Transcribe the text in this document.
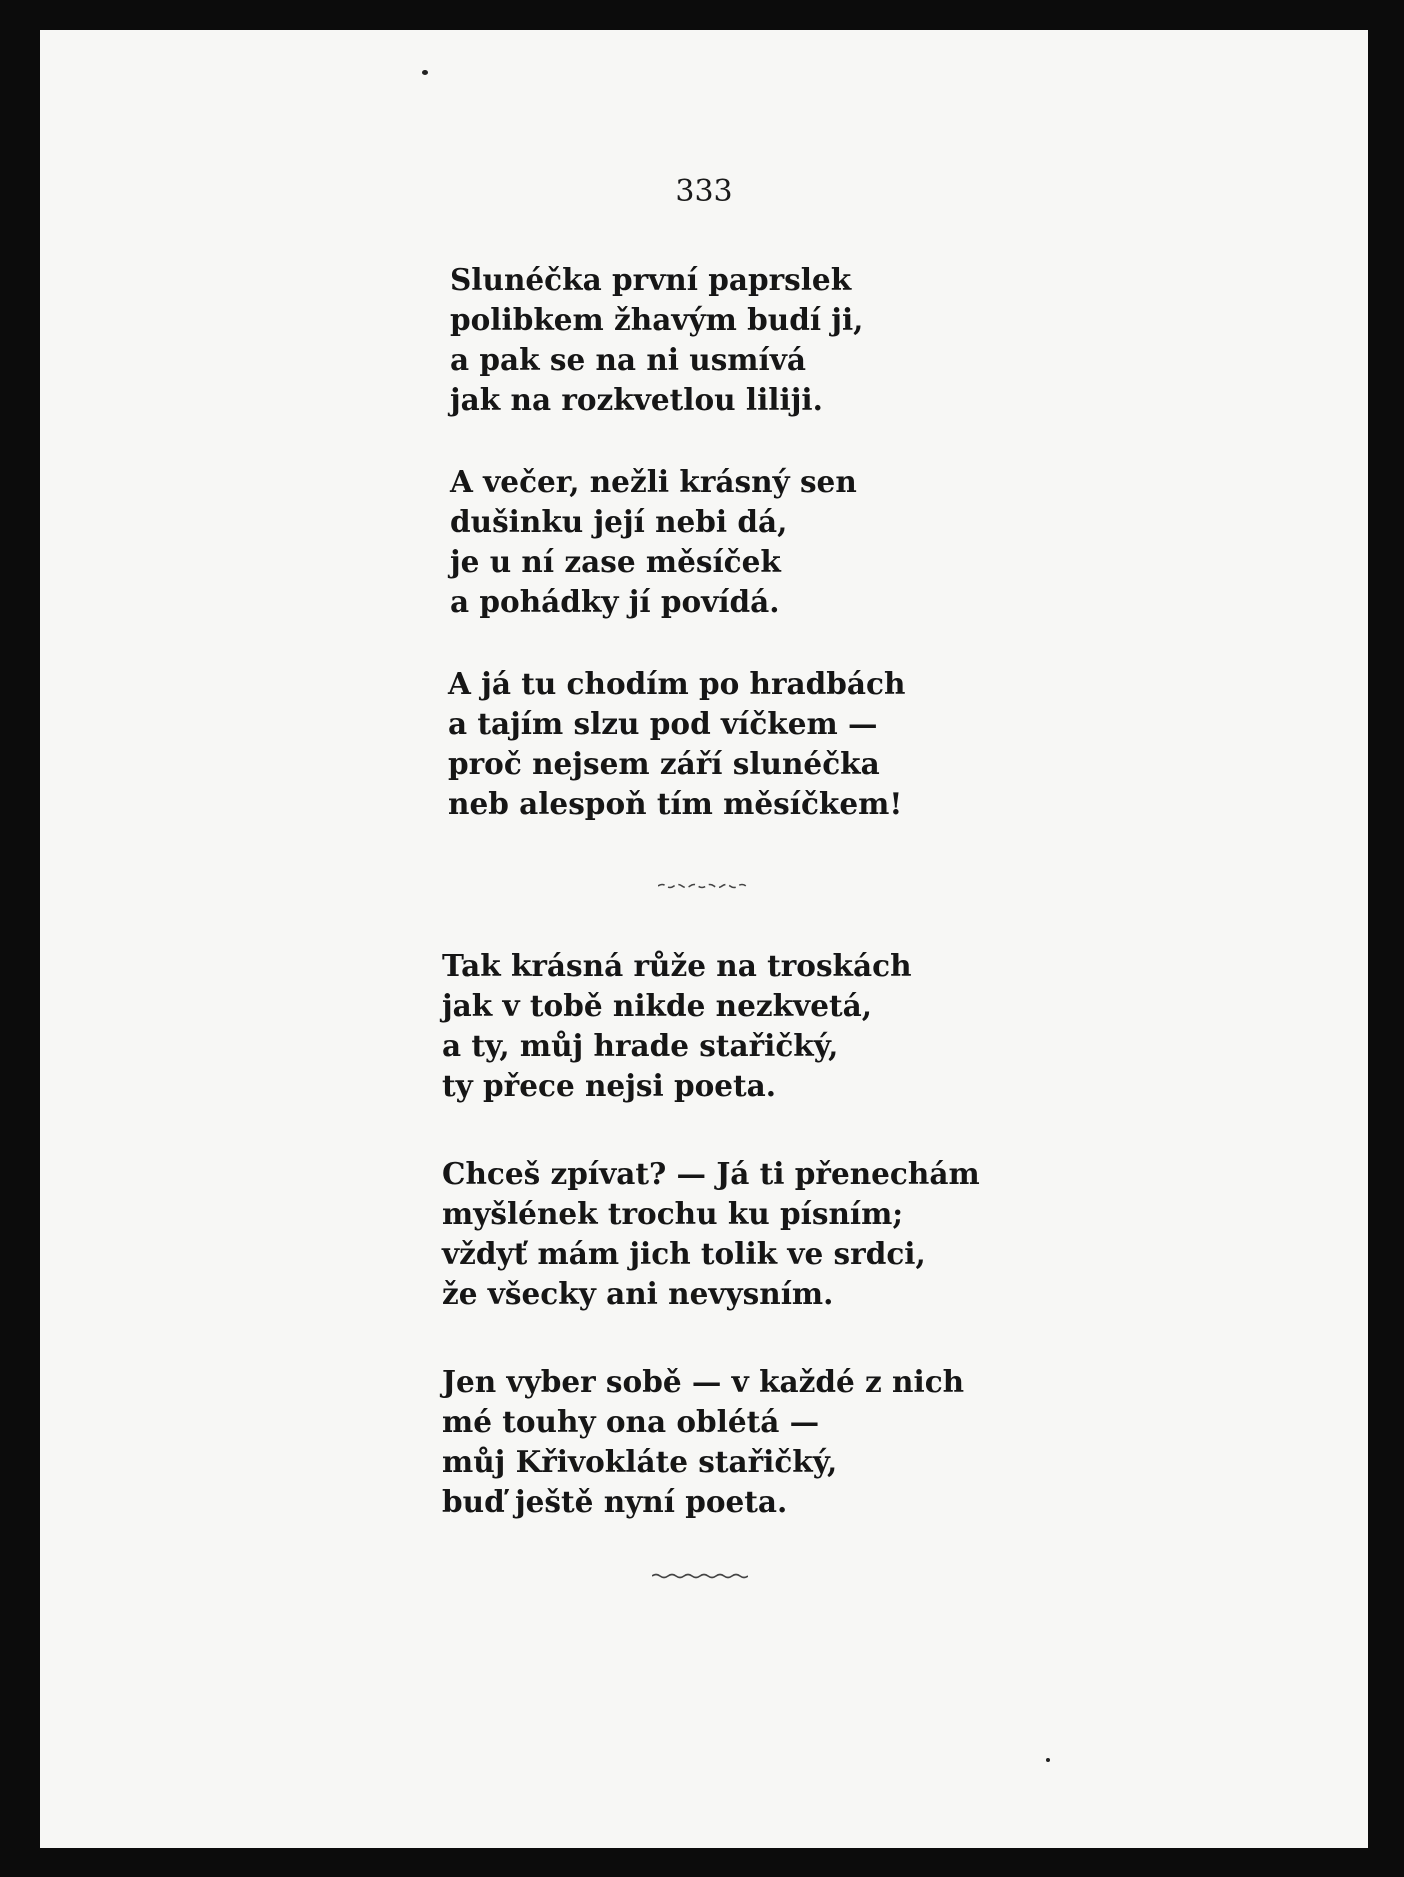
333
Slunéčka první paprslek
polibkem žhavým budí ji,
a pak se na ni usmívá
jak na rozkvetlou liliji.
A večer, nežli krásný sen
dušinku její nebi dá,
je u ní zase měsíček
a pohádky jí povídá.
A já tu chodím po hradbách
a tajím slzu pod víčkem —
proč nejsem září slunéčka
neb alespoň tím měsíčkem!
Tak krásná růže na troskách
jak v tobě nikde nezkvetá,
a ty, můj hrade stařičký,
ty přece nejsi poeta.
Chceš zpívat? — Já ti přenechám
myšlének trochu ku písním;
vždyť mám jich tolik ve srdci,
že všecky ani nevysním.
Jen vyber sobě — v každé z nich
mé touhy ona oblétá —
můj Křivokláte stařičký,
buď ještě nyní poeta.
